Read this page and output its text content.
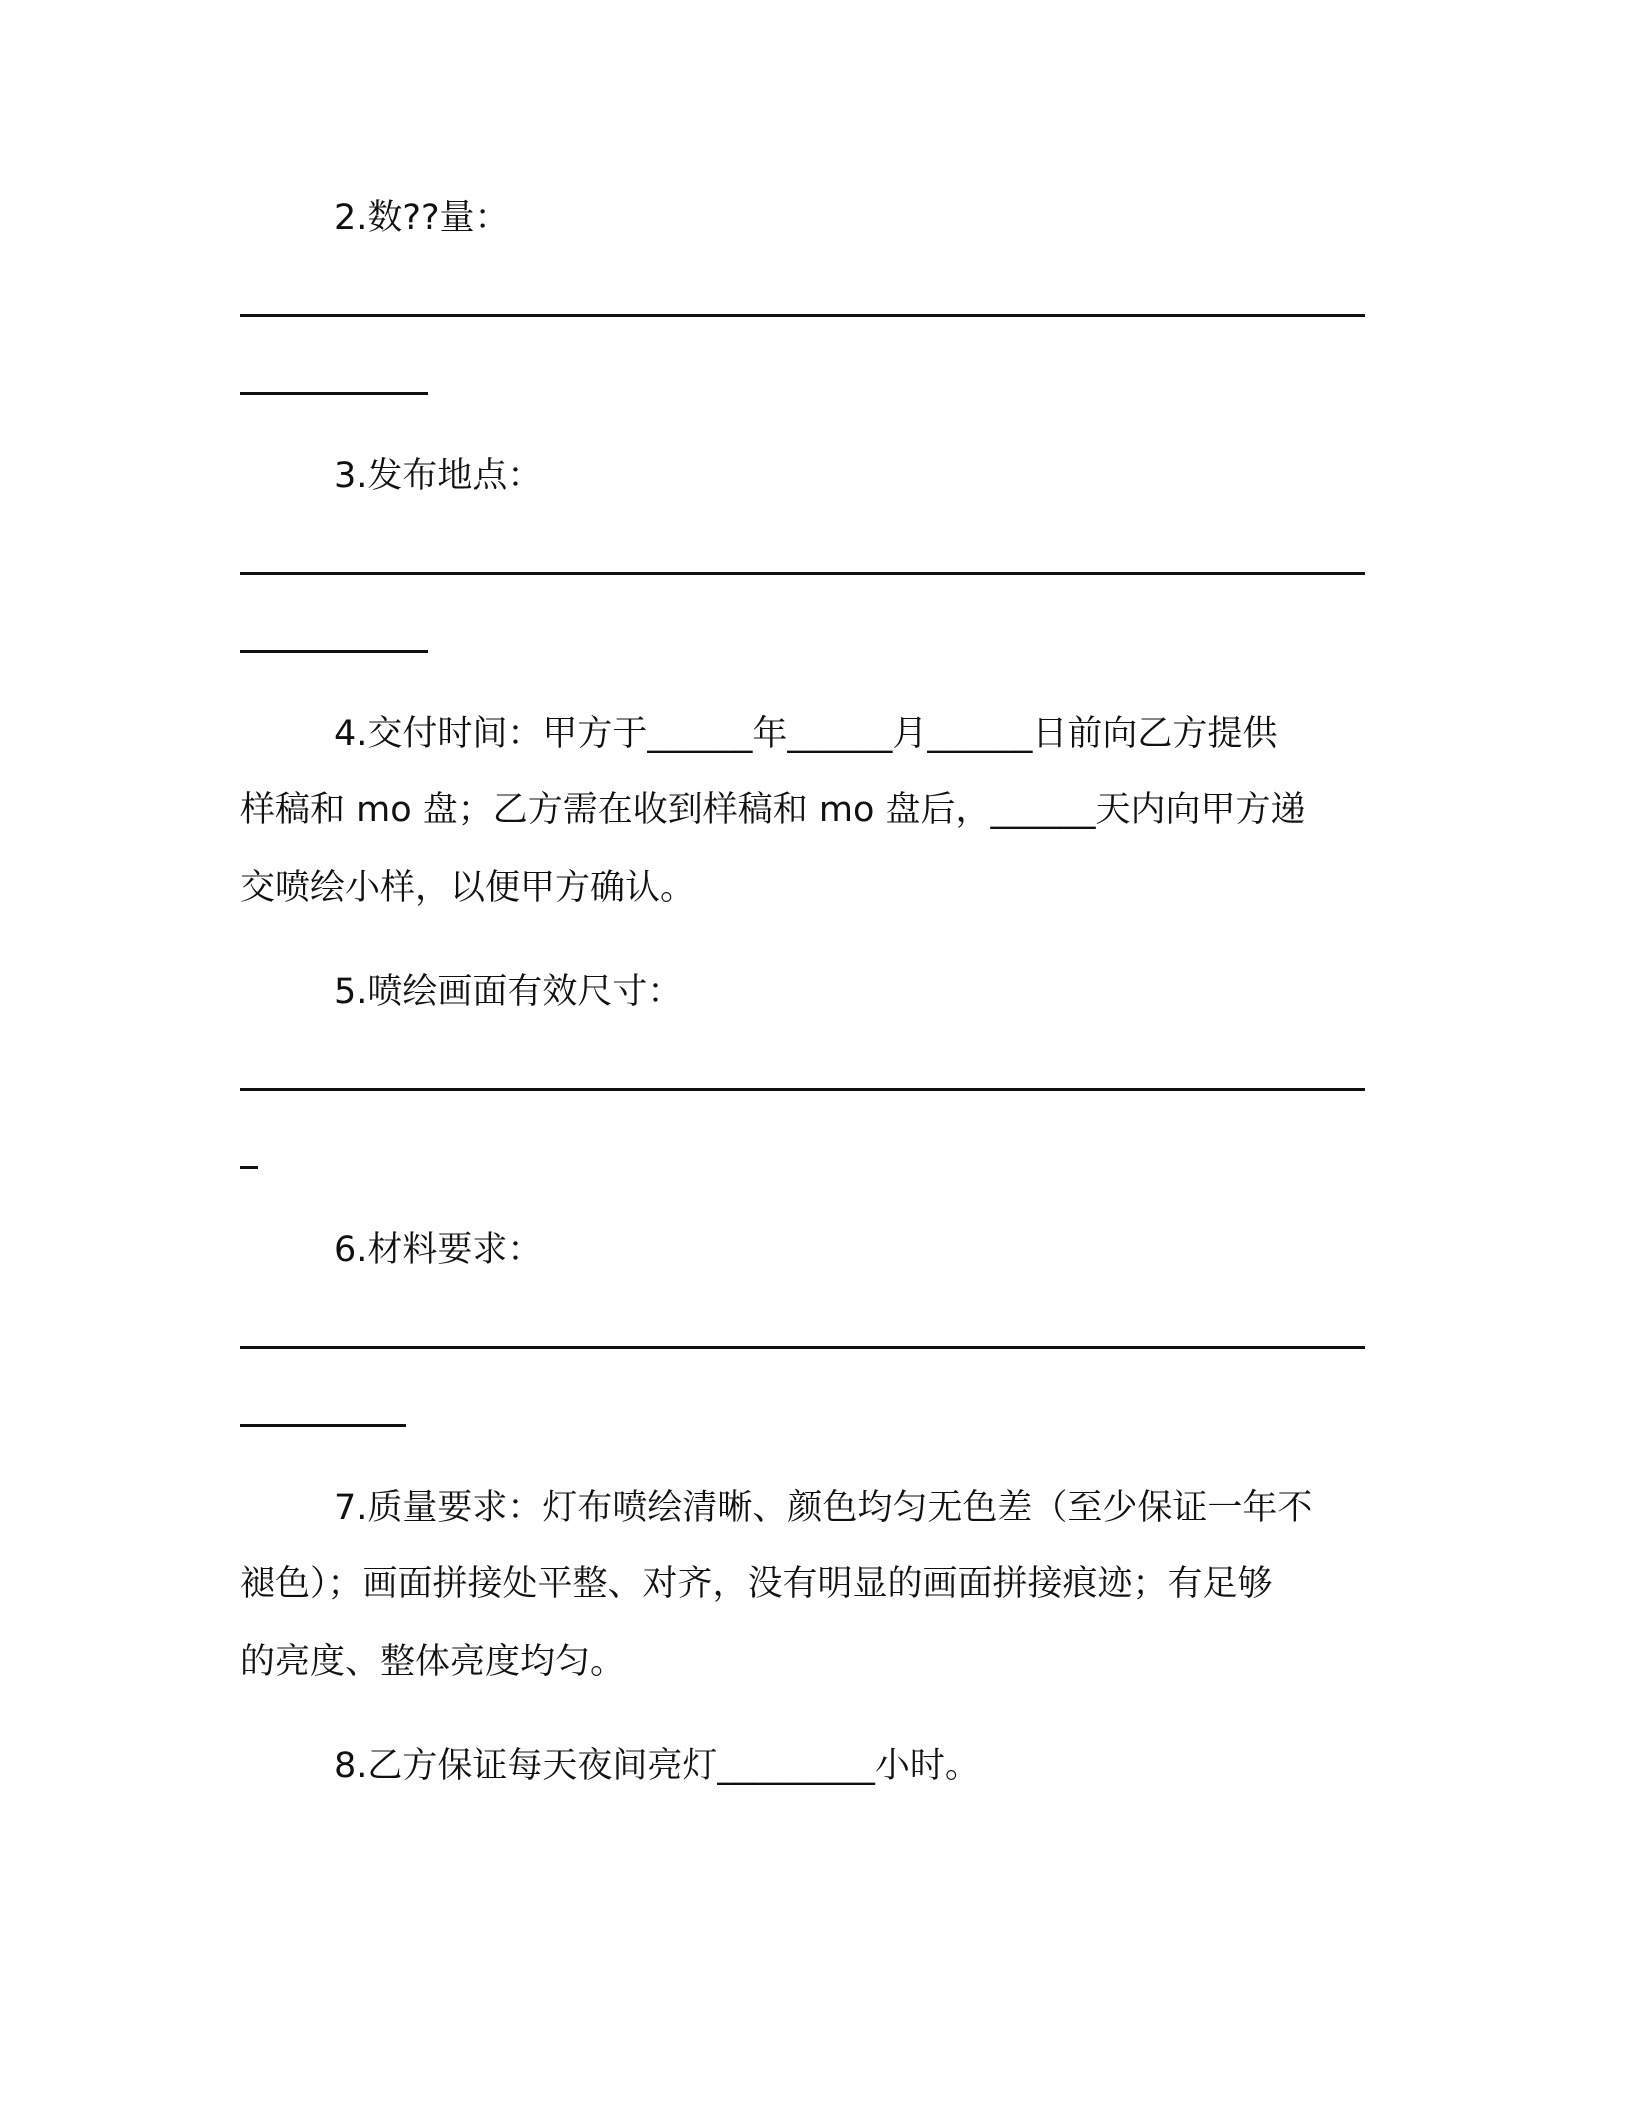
2.数??量：
3.发布地点：
4.交付时间：甲方于______年______月______日前向乙方提供
样稿和 mo 盘；乙方需在收到样稿和 mo 盘后，______天内向甲方递
交喷绘小样，以便甲方确认。
5.喷绘画面有效尺寸：
6.材料要求：
7.质量要求：灯布喷绘清晰、颜色均匀无色差（至少保证一年不
褪色）；画面拼接处平整、对齐，没有明显的画面拼接痕迹；有足够
的亮度、整体亮度均匀。
8.乙方保证每天夜间亮灯_________小时。
